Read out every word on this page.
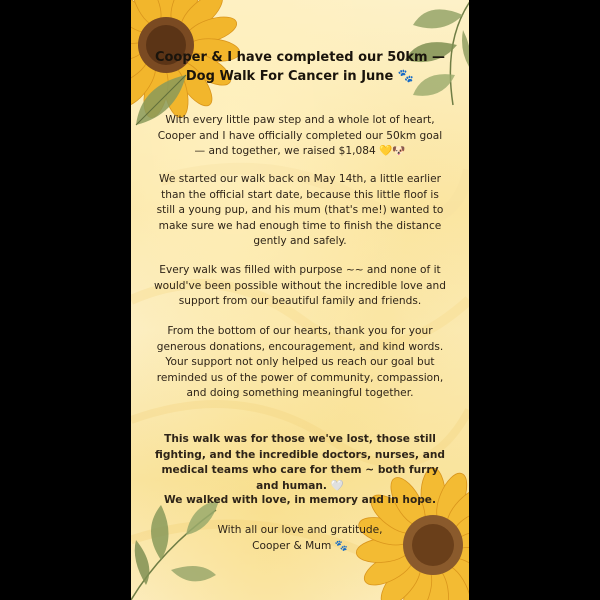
Cooper & I have completed our 50km — Dog Walk For Cancer in June 🐾

With every little paw step and a whole lot of heart, Cooper and I have officially completed our 50km goal — and together, we raised $1,084 💛🐶

We started our walk back on May 14th, a little earlier than the official start date, because this little floof is still a young pup, and his mum (that's me!) wanted to make sure we had enough time to finish the distance gently and safely.

Every walk was filled with purpose ~~ and none of it would've been possible without the incredible love and support from our beautiful family and friends.

From the bottom of our hearts, thank you for your generous donations, encouragement, and kind words. Your support not only helped us reach our goal but reminded us of the power of community, compassion, and doing something meaningful together.

This walk was for those we've lost, those still fighting, and the incredible doctors, nurses, and medical teams who care for them ~ both furry and human. 🤍

We walked with love, in memory and in hope.

With all our love and gratitude,

Cooper & Mum 🐾
